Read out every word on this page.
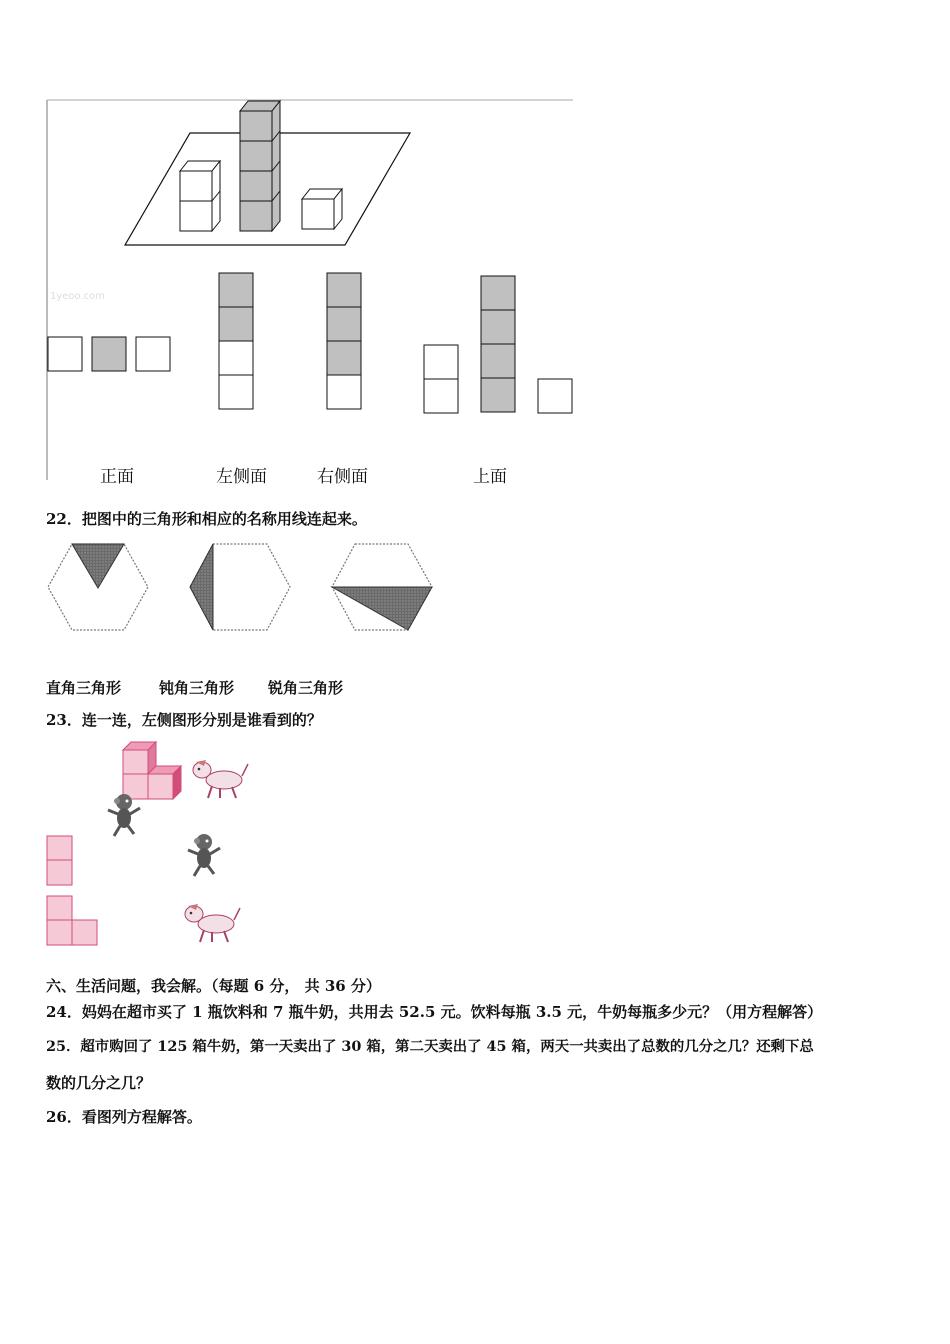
1yeoo.com
正面	左侧面	右侧面	上面
22．把图中的三角形和相应的名称用线连起来。
直角三角形	钝角三角形 锐角三角形
23．连一连，左侧图形分别是谁看到的？
六、生活问题，我会解。（每题 6 分， 共 36 分）
24．妈妈在超市买了 1 瓶饮料和 7 瓶牛奶，共用去 52.5 元。饮料每瓶 3.5 元，牛奶每瓶多少元？（用方程解答）
25．超市购回了 125 箱牛奶，第一天卖出了 30 箱，第二天卖出了 45 箱，两天一共卖出了总数的几分之几？还剩下总
数的几分之几？
26．看图列方程解答。
